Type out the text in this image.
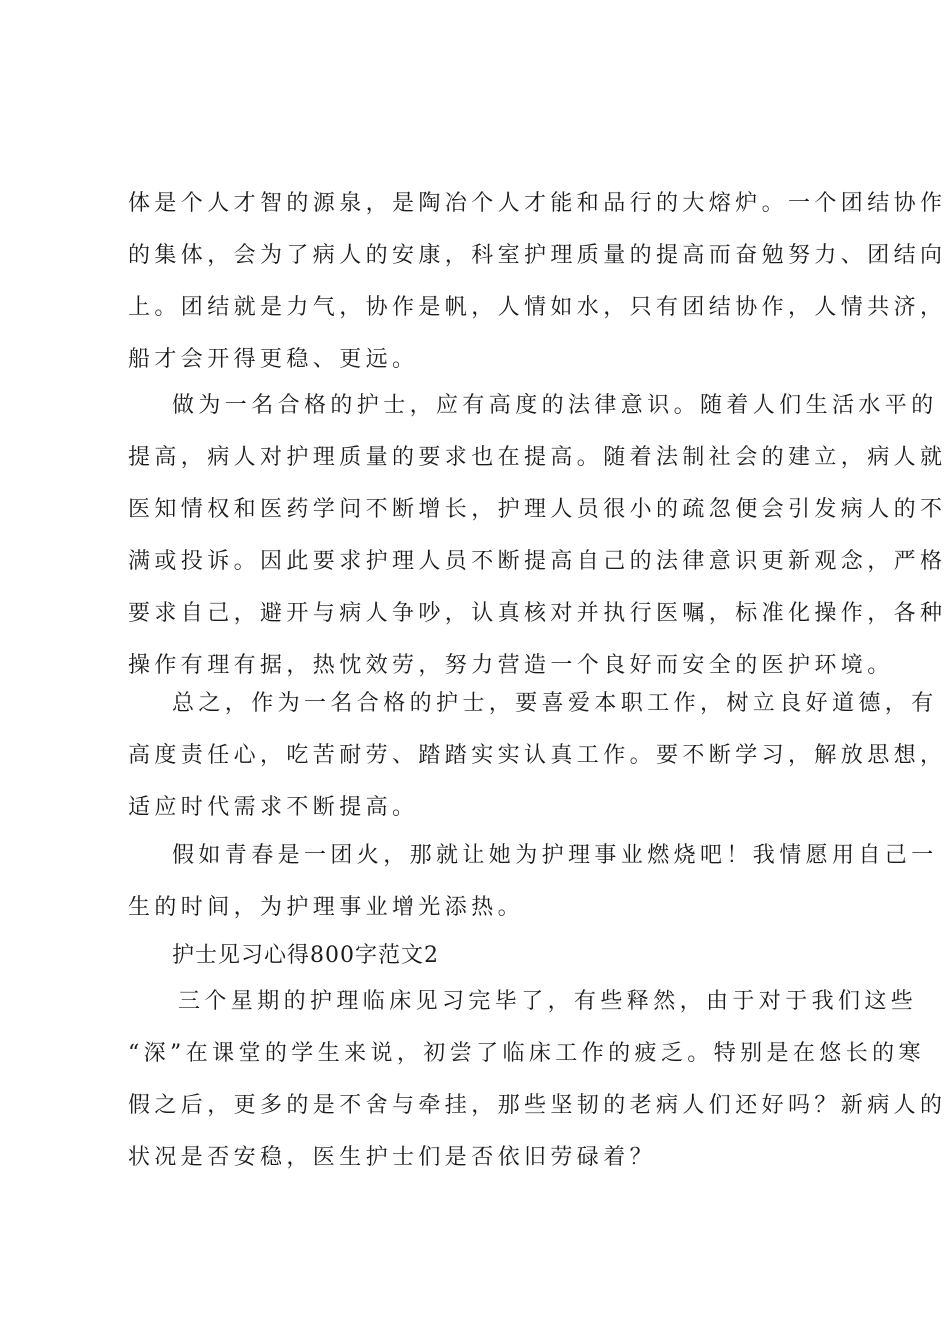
体是个人才智的源泉，是陶冶个人才能和品行的大熔炉。一个团结协作
的集体，会为了病人的安康，科室护理质量的提高而奋勉努力、团结向
上。团结就是力气，协作是帆，人情如水，只有团结协作，人情共济，
船才会开得更稳、更远。
做为一名合格的护士，应有高度的法律意识。随着人们生活水平的
提高，病人对护理质量的要求也在提高。随着法制社会的建立，病人就
医知情权和医药学问不断增长，护理人员很小的疏忽便会引发病人的不
满或投诉。因此要求护理人员不断提高自己的法律意识更新观念，严格
要求自己，避开与病人争吵，认真核对并执行医嘱，标准化操作，各种
操作有理有据，热忱效劳，努力营造一个良好而安全的医护环境。
总之，作为一名合格的护士，要喜爱本职工作，树立良好道德，有
高度责任心，吃苦耐劳、踏踏实实认真工作。要不断学习，解放思想，
适应时代需求不断提高。
假如青春是一团火，那就让她为护理事业燃烧吧！我情愿用自己一
生的时间，为护理事业增光添热。
护士见习心得800字范文2
三个星期的护理临床见习完毕了，有些释然，由于对于我们这些
“深”在课堂的学生来说，初尝了临床工作的疲乏。特别是在悠长的寒
假之后，更多的是不舍与牵挂，那些坚韧的老病人们还好吗？新病人的
状况是否安稳，医生护士们是否依旧劳碌着？
